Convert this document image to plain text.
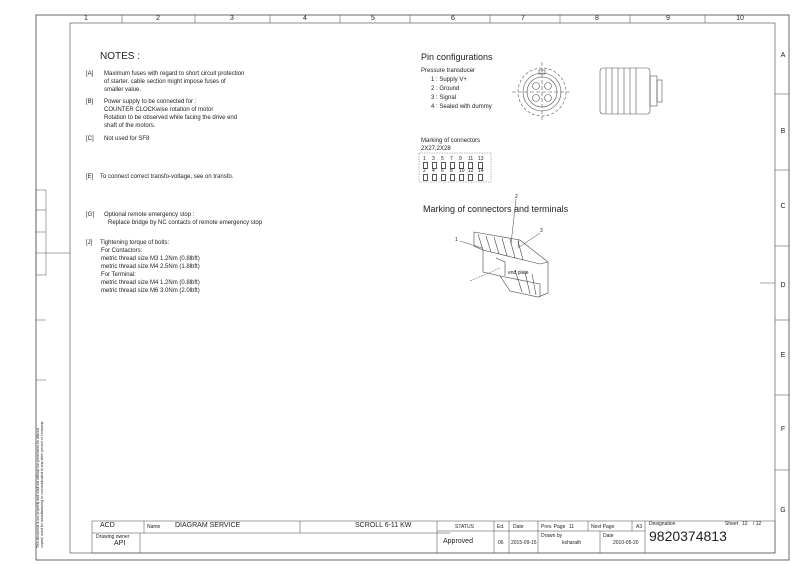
1	2	3	4	5	6	7	8	9	10
A
B
C
D
E
F
G
This document is our property and shall not without our permission be altered copied, used for manufacturing or communicated to any other person or company.
NOTES :
[A] Maximum fuses with regard to short circuit protection
of starter. cable section might impose fuses of
smaller value.
[B] Power supply to be connected for :
COUNTER CLOCKwise rotation of motor
Rotation to be observed while facing the drive end
shaft of the motors.
[C] Not used for SF8
[E] To connect correct transfo-voltage, see on transfo.
[G] Optional remote emergency stop :
Replace bridge by NC contacts of remote emergency stop
[J] Tightening torque of bolts:
For Contactors:
metric thread size M3 1.2Nm (0.8lbft)
metric thread size M4 2.5Nm (1.8lbft)
For Terminal:
metric thread size M4 1.2Nm (0.8lbft)
metric thread size M6 3.0Nm (2.0lbft)
Pin configurations
Pressure transducer
1 : Supply V+
2 : Ground
3 : Signal
4 : Sealed with dummy
Marking of connectors
2X27,2X28
1 3 5 7 9 11 13
2 4 6 8 10 12 14
Marking of connectors and terminals
1
2
3
end plate
ACD	Name DIAGRAM SERVICE	SCROLL 6-11 KW
Drawing owner
API
STATUS
Approved
Ed.
06
Date
2015-09-15
Prev. Page 11	Next Page
Drawn by
ksharath
Date
2010-05-20
A3 Designation
9820374813
Sheet 12 / 12
